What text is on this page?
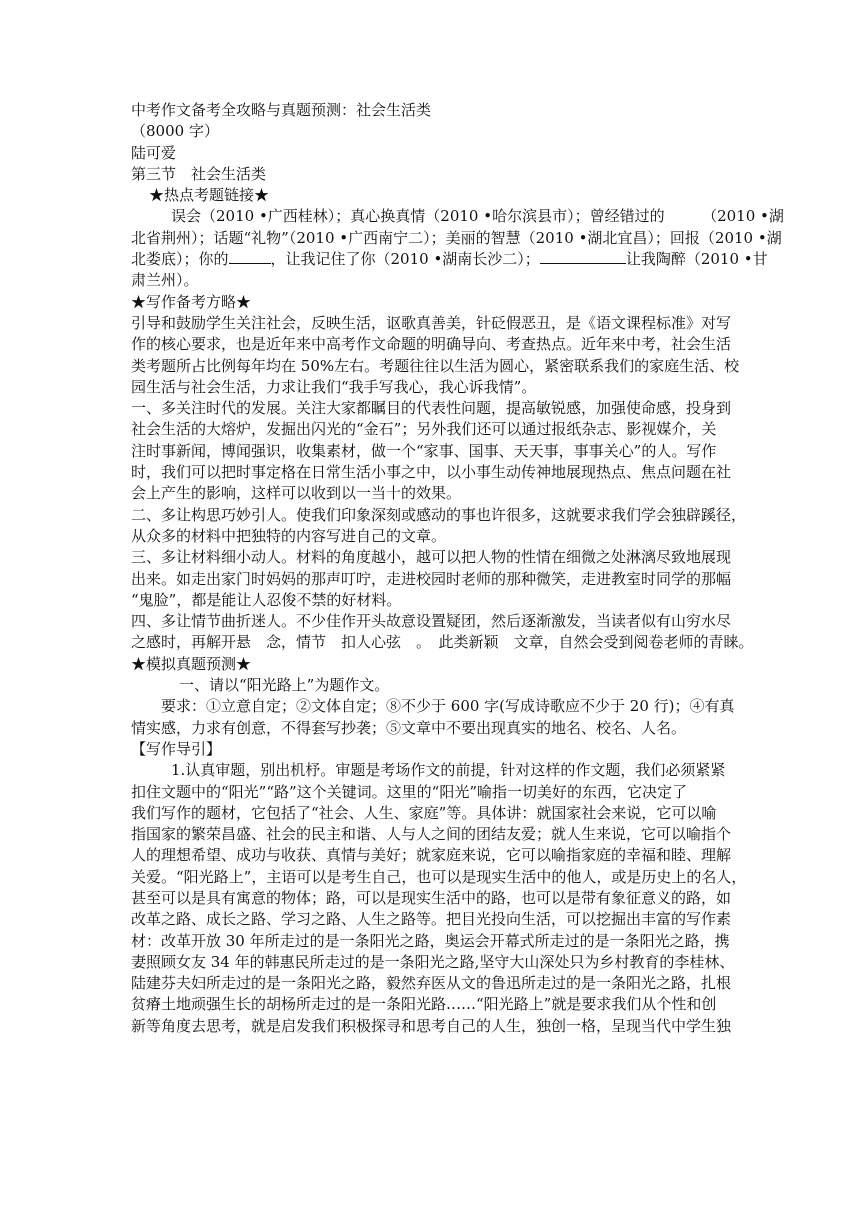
中考作文备考全攻略与真题预测：社会生活类
（8000 字）
陆可爱
第三节　社会生活类
★热点考题链接★
误会（2010 •广西桂林）；真心换真情（2010 •哈尔滨县市）；曾经错过的　　　（2010 •湖
北省荆州）；话题“礼物”（2010 •广西南宁二）；美丽的智慧（2010 •湖北宜昌）；回报（2010 •湖
北娄底）；你的	，让我记住了你（2010 •湖南长沙二）；	让我陶醉（2010 •甘
肃兰州）。
★写作备考方略★
引导和鼓励学生关注社会，反映生活，讴歌真善美，针砭假恶丑，是《语文课程标准》对写
作的核心要求，也是近年来中高考作文命题的明确导向、考查热点。近年来中考，社会生活
类考题所占比例每年均在 50%左右。考题往往以生活为圆心，紧密联系我们的家庭生活、校
园生活与社会生活，力求让我们“我手写我心，我心诉我情”。
一、多关注时代的发展。关注大家都瞩目的代表性问题，提高敏锐感，加强使命感，投身到
社会生活的大熔炉，发掘出闪光的“金石”；另外我们还可以通过报纸杂志、影视媒介，关
注时事新闻，博闻强识，收集素材，做一个“家事、国事、天天事，事事关心”的人。写作
时，我们可以把时事定格在日常生活小事之中，以小事生动传神地展现热点、焦点问题在社
会上产生的影响，这样可以收到以一当十的效果。
二、多让构思巧妙引人。使我们印象深刻或感动的事也许很多，这就要求我们学会独辟蹊径，
从众多的材料中把独特的内容写进自己的文章。
三、多让材料细小动人。材料的角度越小，越可以把人物的性情在细微之处淋漓尽致地展现
出来。如走出家门时妈妈的那声叮咛，走进校园时老师的那种微笑，走进教室时同学的那幅
“鬼脸”，都是能让人忍俊不禁的好材料。
四、多让情节曲折迷人。不少佳作开头故意设置疑团，然后逐渐激发，当读者似有山穷水尽
之感时，再解开悬　念，情节　扣人心弦　。　此类新颖　文章，自然会受到阅卷老师的青睐。
★模拟真题预测★
一、请以“阳光路上”为题作文。
要求：①立意自定；②文体自定；⑧不少于 600 字(写成诗歌应不少于 20 行)；④有真
情实感，力求有创意，不得套写抄袭；⑤文章中不要出现真实的地名、校名、人名。
【写作导引】
1.认真审题，别出机杼。审题是考场作文的前提，针对这样的作文题，我们必须紧紧
扣住文题中的“阳光”“路”这个关键词。这里的“阳光”喻指一切美好的东西，它决定了
我们写作的题材，它包括了“社会、人生、家庭”等。具体讲：就国家社会来说，它可以喻
指国家的繁荣昌盛、社会的民主和谐、人与人之间的团结友爱；就人生来说，它可以喻指个
人的理想希望、成功与收获、真情与美好；就家庭来说，它可以喻指家庭的幸福和睦、理解
关爱。“阳光路上”，主语可以是考生自己，也可以是现实生活中的他人，或是历史上的名人，
甚至可以是具有寓意的物体；路，可以是现实生活中的路，也可以是带有象征意义的路，如
改革之路、成长之路、学习之路、人生之路等。把目光投向生活，可以挖掘出丰富的写作素
材：改革开放 30 年所走过的是一条阳光之路，奥运会开幕式所走过的是一条阳光之路，携
妻照顾女友 34 年的韩惠民所走过的是一条阳光之路,坚守大山深处只为乡村教育的李桂林、
陆建芬夫妇所走过的是一条阳光之路，毅然弃医从文的鲁迅所走过的是一条阳光之路，扎根
贫瘠土地顽强生长的胡杨所走过的是一条阳光路……“阳光路上”就是要求我们从个性和创
新等角度去思考，就是启发我们积极探寻和思考自己的人生，独创一格，呈现当代中学生独
